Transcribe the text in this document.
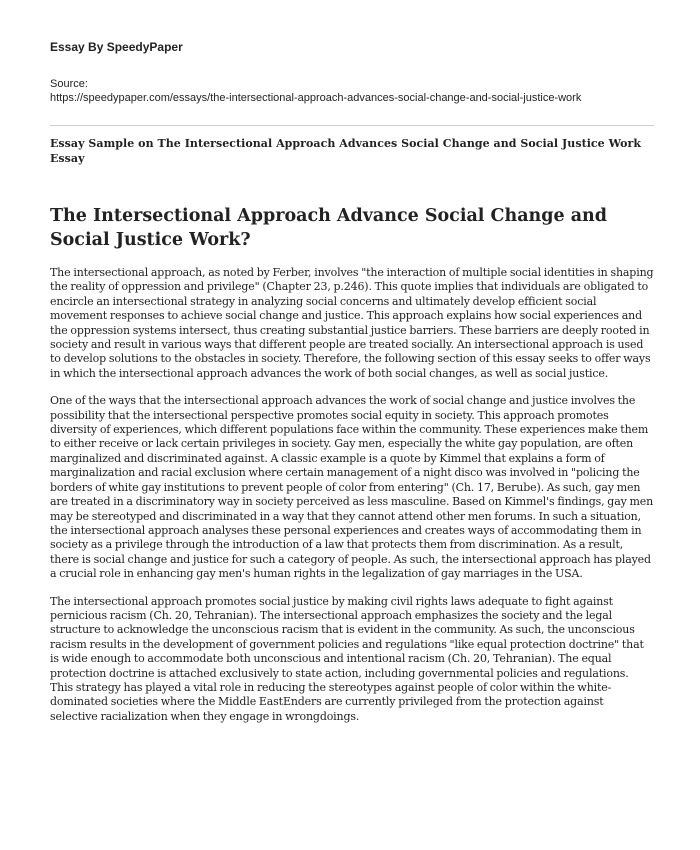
Essay By SpeedyPaper
Source:
https://speedypaper.com/essays/the-intersectional-approach-advances-social-change-and-social-justice-work
Essay Sample on The Intersectional Approach Advances Social Change and Social Justice Work Essay
The Intersectional Approach Advance Social Change and Social Justice Work?

The intersectional approach, as noted by Ferber, involves "the interaction of multiple social identities in shaping the reality of oppression and privilege" (Chapter 23, p.246). This quote implies that individuals are obligated to encircle an intersectional strategy in analyzing social concerns and ultimately develop efficient social movement responses to achieve social change and justice. This approach explains how social experiences and the oppression systems intersect, thus creating substantial justice barriers. These barriers are deeply rooted in society and result in various ways that different people are treated socially. An intersectional approach is used to develop solutions to the obstacles in society. Therefore, the following section of this essay seeks to offer ways in which the intersectional approach advances the work of both social changes, as well as social justice.

One of the ways that the intersectional approach advances the work of social change and justice involves the possibility that the intersectional perspective promotes social equity in society. This approach promotes diversity of experiences, which different populations face within the community. These experiences make them to either receive or lack certain privileges in society. Gay men, especially the white gay population, are often marginalized and discriminated against. A classic example is a quote by Kimmel that explains a form of marginalization and racial exclusion where certain management of a night disco was involved in "policing the borders of white gay institutions to prevent people of color from entering" (Ch. 17, Berube). As such, gay men are treated in a discriminatory way in society perceived as less masculine. Based on Kimmel's findings, gay men may be stereotyped and discriminated in a way that they cannot attend other men forums. In such a situation, the intersectional approach analyses these personal experiences and creates ways of accommodating them in society as a privilege through the introduction of a law that protects them from discrimination. As a result, there is social change and justice for such a category of people. As such, the intersectional approach has played a crucial role in enhancing gay men's human rights in the legalization of gay marriages in the USA.

The intersectional approach promotes social justice by making civil rights laws adequate to fight against pernicious racism (Ch. 20, Tehranian). The intersectional approach emphasizes the society and the legal structure to acknowledge the unconscious racism that is evident in the community. As such, the unconscious racism results in the development of government policies and regulations "like equal protection doctrine" that is wide enough to accommodate both unconscious and intentional racism (Ch. 20, Tehranian). The equal protection doctrine is attached exclusively to state action, including governmental policies and regulations. This strategy has played a vital role in reducing the stereotypes against people of color within the white-dominated societies where the Middle EastEnders are currently privileged from the protection against selective racialization when they engage in wrongdoings.
